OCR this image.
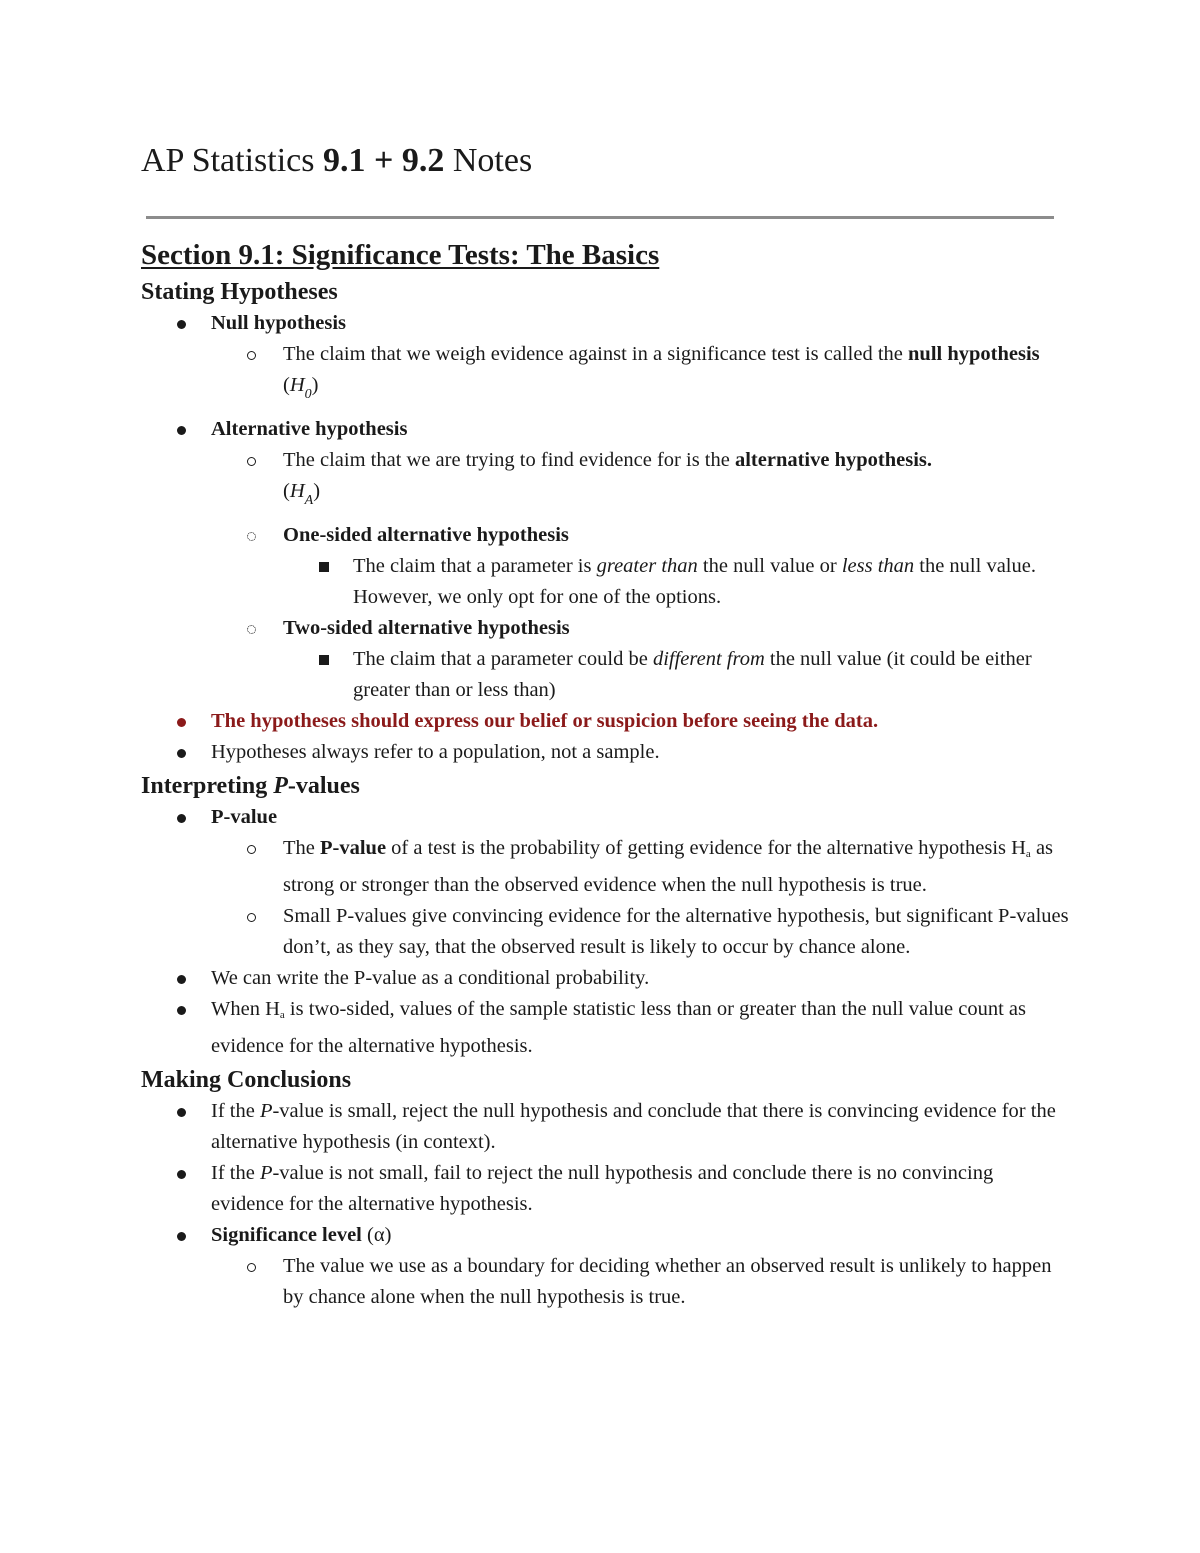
AP Statistics 9.1 + 9.2 Notes
Section 9.1: Significance Tests: The Basics
Stating Hypotheses
Null hypothesis
The claim that we weigh evidence against in a significance test is called the null hypothesis $(H_0)$
Alternative hypothesis
The claim that we are trying to find evidence for is the alternative hypothesis.
$(H_A)$
One-sided alternative hypothesis
The claim that a parameter is greater than the null value or less than the null value. However, we only opt for one of the options.
Two-sided alternative hypothesis
The claim that a parameter could be different from the null value (it could be either greater than or less than)
The hypotheses should express our belief or suspicion before seeing the data.
Hypotheses always refer to a population, not a sample.
Interpreting P-values
P-value
The P-value of a test is the probability of getting evidence for the alternative hypothesis Ha as strong or stronger than the observed evidence when the null hypothesis is true.
Small P-values give convincing evidence for the alternative hypothesis, but significant P-values don’t, as they say, that the observed result is likely to occur by chance alone.
We can write the P-value as a conditional probability.
When Ha is two-sided, values of the sample statistic less than or greater than the null value count as evidence for the alternative hypothesis.
Making Conclusions
If the P-value is small, reject the null hypothesis and conclude that there is convincing evidence for the alternative hypothesis (in context).
If the P-value is not small, fail to reject the null hypothesis and conclude there is no convincing evidence for the alternative hypothesis.
Significance level (α)
The value we use as a boundary for deciding whether an observed result is unlikely to happen by chance alone when the null hypothesis is true.
